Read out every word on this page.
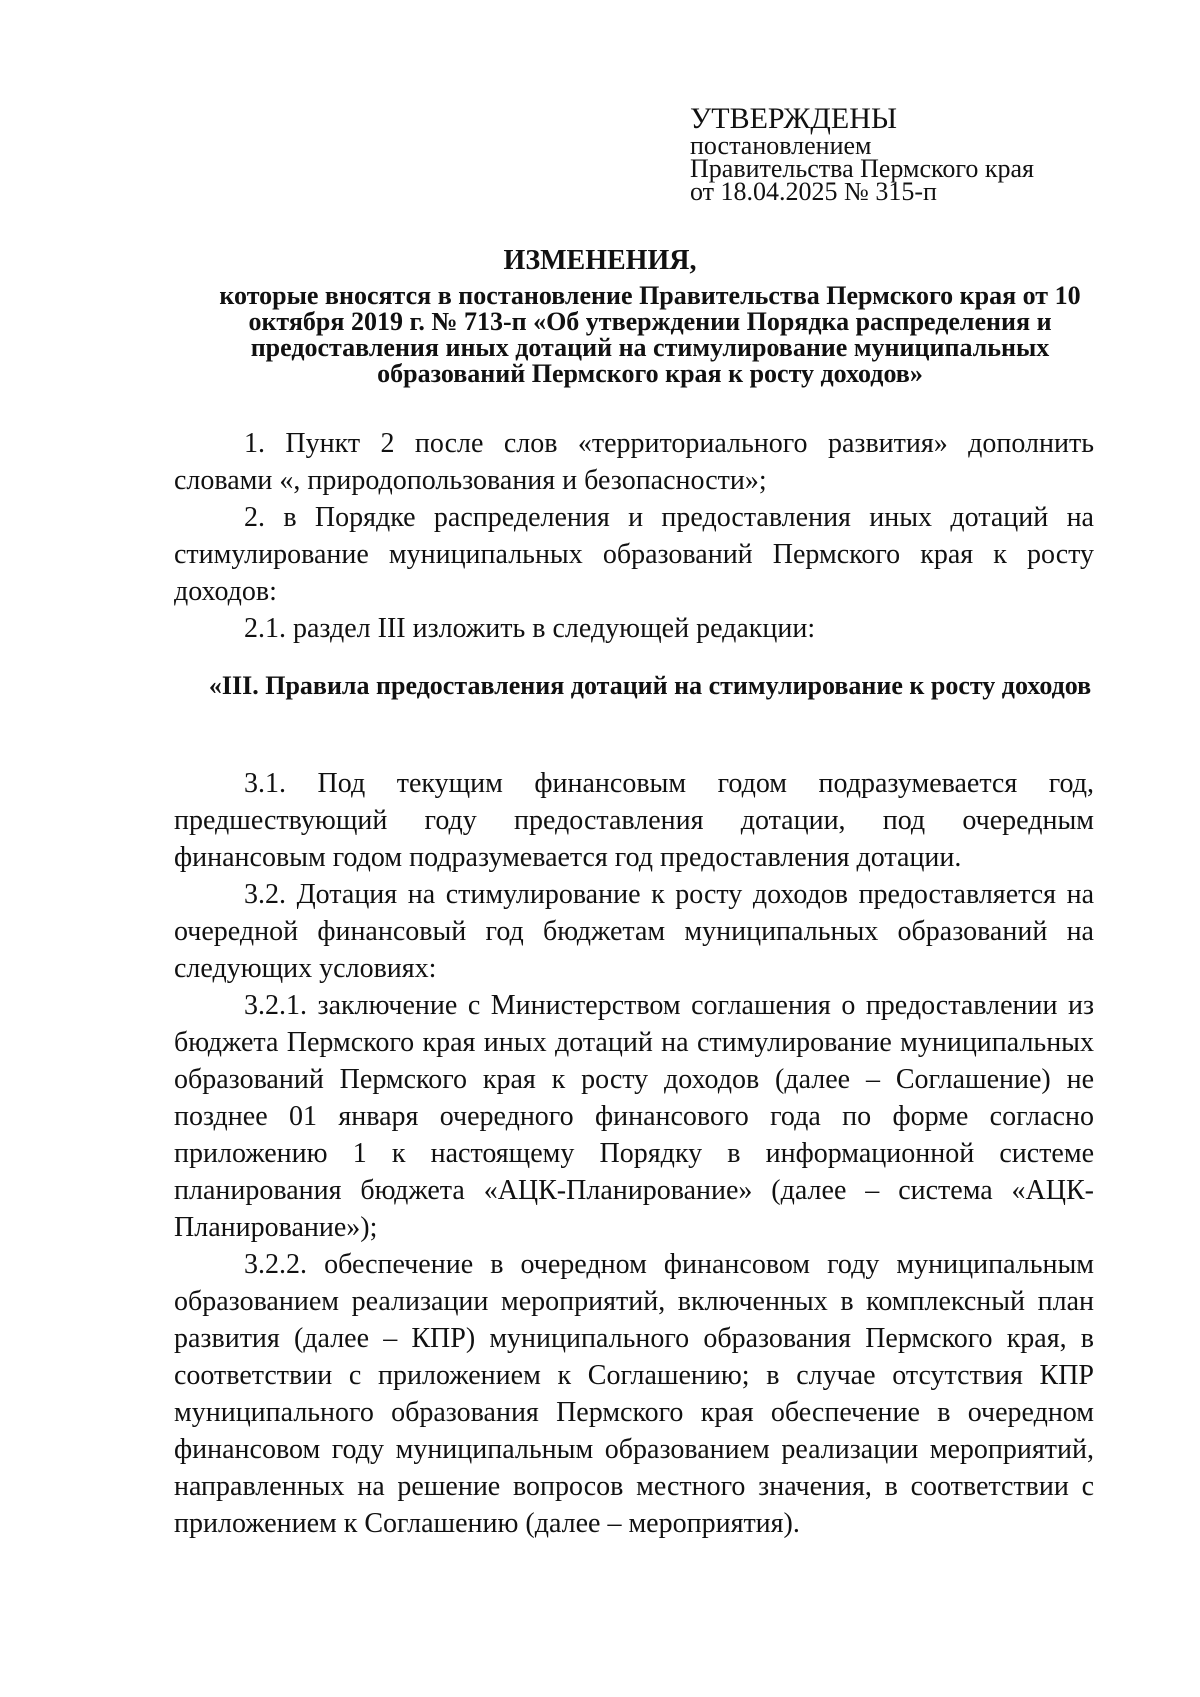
УТВЕРЖДЕНЫ
постановлением
Правительства Пермского края
от 18.04.2025 № 315-п
ИЗМЕНЕНИЯ,
которые вносятся в постановление Правительства Пермского края от 10 октября 2019 г. № 713-п «Об утверждении Порядка распределения и предоставления иных дотаций на стимулирование муниципальных образований Пермского края к росту доходов»

1. Пункт 2 после слов «территориального развития» дополнить словами «, природопользования и безопасности»;

2. в Порядке распределения и предоставления иных дотаций на стимулирование муниципальных образований Пермского края к росту доходов:

2.1. раздел III изложить в следующей редакции:

«III. Правила предоставления дотаций на стимулирование к росту доходов

3.1. Под текущим финансовым годом подразумевается год, предшествующий году предоставления дотации, под очередным финансовым годом подразумевается год предоставления дотации.

3.2. Дотация на стимулирование к росту доходов предоставляется на очередной финансовый год бюджетам муниципальных образований на следующих условиях:

3.2.1. заключение с Министерством соглашения о предоставлении из бюджета Пермского края иных дотаций на стимулирование муниципальных образований Пермского края к росту доходов (далее – Соглашение) не позднее 01 января очередного финансового года по форме согласно приложению 1 к настоящему Порядку в информационной системе планирования бюджета «АЦК-Планирование» (далее – система «АЦК-Планирование»);

3.2.2. обеспечение в очередном финансовом году муниципальным образованием реализации мероприятий, включенных в комплексный план развития (далее – КПР) муниципального образования Пермского края, в соответствии с приложением к Соглашению; в случае отсутствия КПР муниципального образования Пермского края обеспечение в очередном финансовом году муниципальным образованием реализации мероприятий, направленных на решение вопросов местного значения, в соответствии с приложением к Соглашению (далее – мероприятия).
